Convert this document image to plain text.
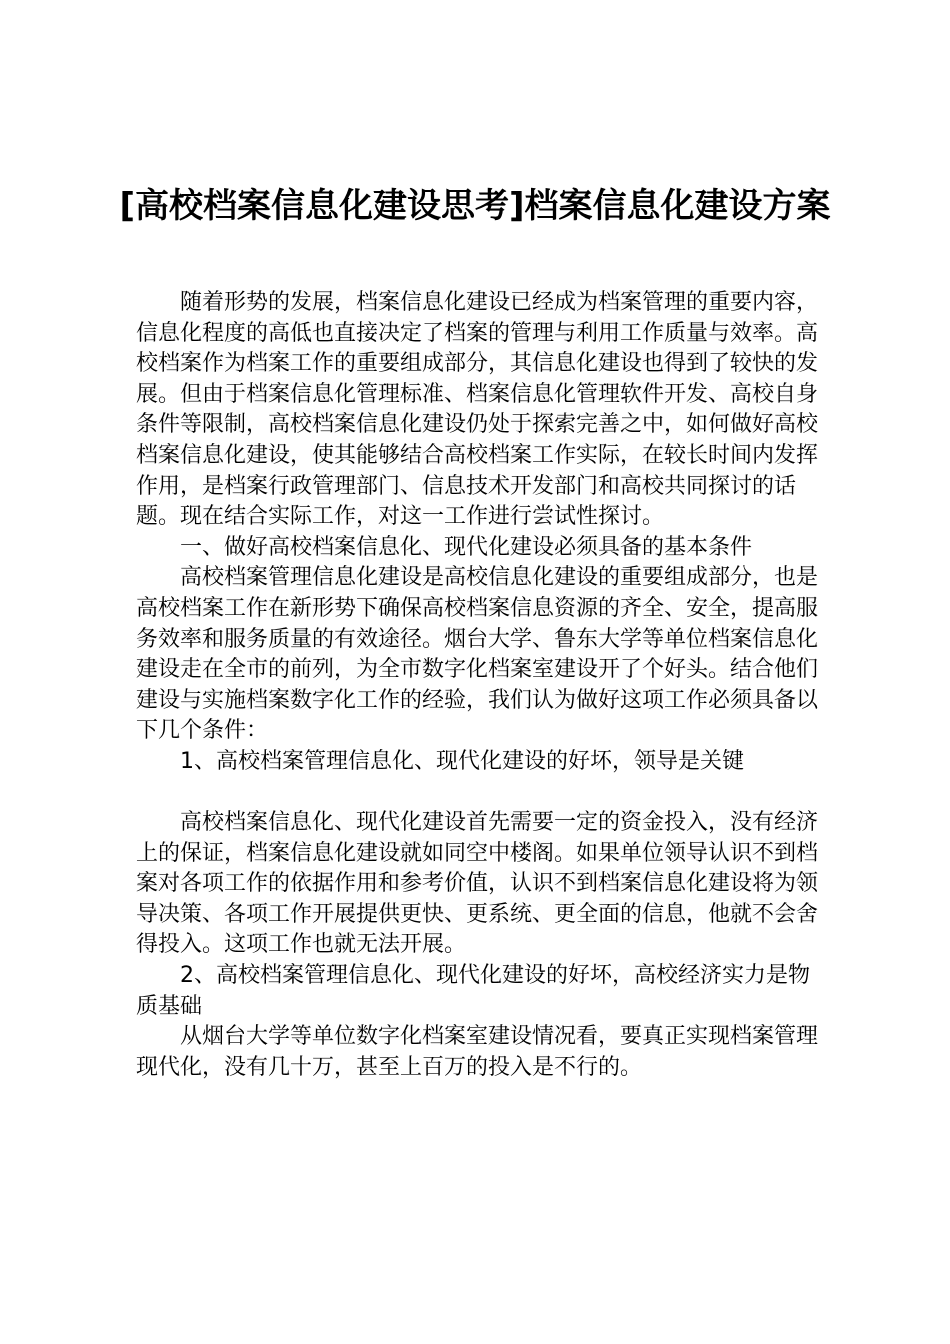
[高校档案信息化建设思考]档案信息化建设方案

随着形势的发展，档案信息化建设已经成为档案管理的重要内容，信息化程度的高低也直接决定了档案的管理与利用工作质量与效率。高校档案作为档案工作的重要组成部分，其信息化建设也得到了较快的发展。但由于档案信息化管理标准、档案信息化管理软件开发、高校自身条件等限制，高校档案信息化建设仍处于探索完善之中，如何做好高校档案信息化建设，使其能够结合高校档案工作实际，在较长时间内发挥作用，是档案行政管理部门、信息技术开发部门和高校共同探讨的话题。现在结合实际工作，对这一工作进行尝试性探讨。

一、做好高校档案信息化、现代化建设必须具备的基本条件

高校档案管理信息化建设是高校信息化建设的重要组成部分，也是高校档案工作在新形势下确保高校档案信息资源的齐全、安全，提高服务效率和服务质量的有效途径。烟台大学、鲁东大学等单位档案信息化建设走在全市的前列，为全市数字化档案室建设开了个好头。结合他们建设与实施档案数字化工作的经验，我们认为做好这项工作必须具备以下几个条件：

1、高校档案管理信息化、现代化建设的好坏，领导是关键

高校档案信息化、现代化建设首先需要一定的资金投入，没有经济上的保证，档案信息化建设就如同空中楼阁。如果单位领导认识不到档案对各项工作的依据作用和参考价值，认识不到档案信息化建设将为领导决策、各项工作开展提供更快、更系统、更全面的信息，他就不会舍得投入。这项工作也就无法开展。

2、高校档案管理信息化、现代化建设的好坏，高校经济实力是物质基础

从烟台大学等单位数字化档案室建设情况看，要真正实现档案管理现代化，没有几十万，甚至上百万的投入是不行的。
